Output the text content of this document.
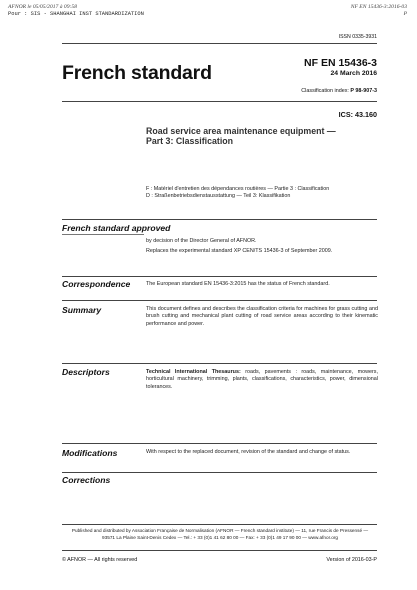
AFNOR le 05/05/2017 à 09:58
Pour : SIS - SHANGHAI INST STANDARDIZATION
NF EN 15436-3:2016-03
P
ISSN 0335-3931
French standard	NF EN 15436-3
24 March 2016
Classification index: P 98-907-3
ICS: 43.160
Road service area maintenance equipment —
Part 3: Classification
F : Matériel d'entretien des dépendances routières — Partie 3 : Classification
D : Straßenbetriebsdienstausstattung — Teil 3: Klassifikation
French standard approved
by decision of the Director General of AFNOR.
Replaces the experimental standard XP CEN/TS 15436-3 of September 2009.
Correspondence	The European standard EN 15436-3:2015 has the status of French standard.
Summary	This document defines and describes the classification criteria for machines for grass cutting and brush cutting and mechanical plant cutting of road service areas according to their kinematic performance and power.
Descriptors	Technical International Thesaurus: roads, pavements : roads, maintenance, mowers, horticultural machinery, trimming, plants, classifications, characteristics, power, dimensional tolerances.
Modifications	With respect to the replaced document, revision of the standard and change of status.
Corrections
Published and distributed by Association Française de Normalisation (AFNOR — French standard institute) — 11, rue Francis de Pressensé —
93571 La Plaine Saint-Denis Cedex — Tel.: + 33 (0)1 41 62 80 00 — Fax: + 33 (0)1 49 17 90 00 — www.afnor.org
© AFNOR — All rights reserved	Version of 2016-03-P
